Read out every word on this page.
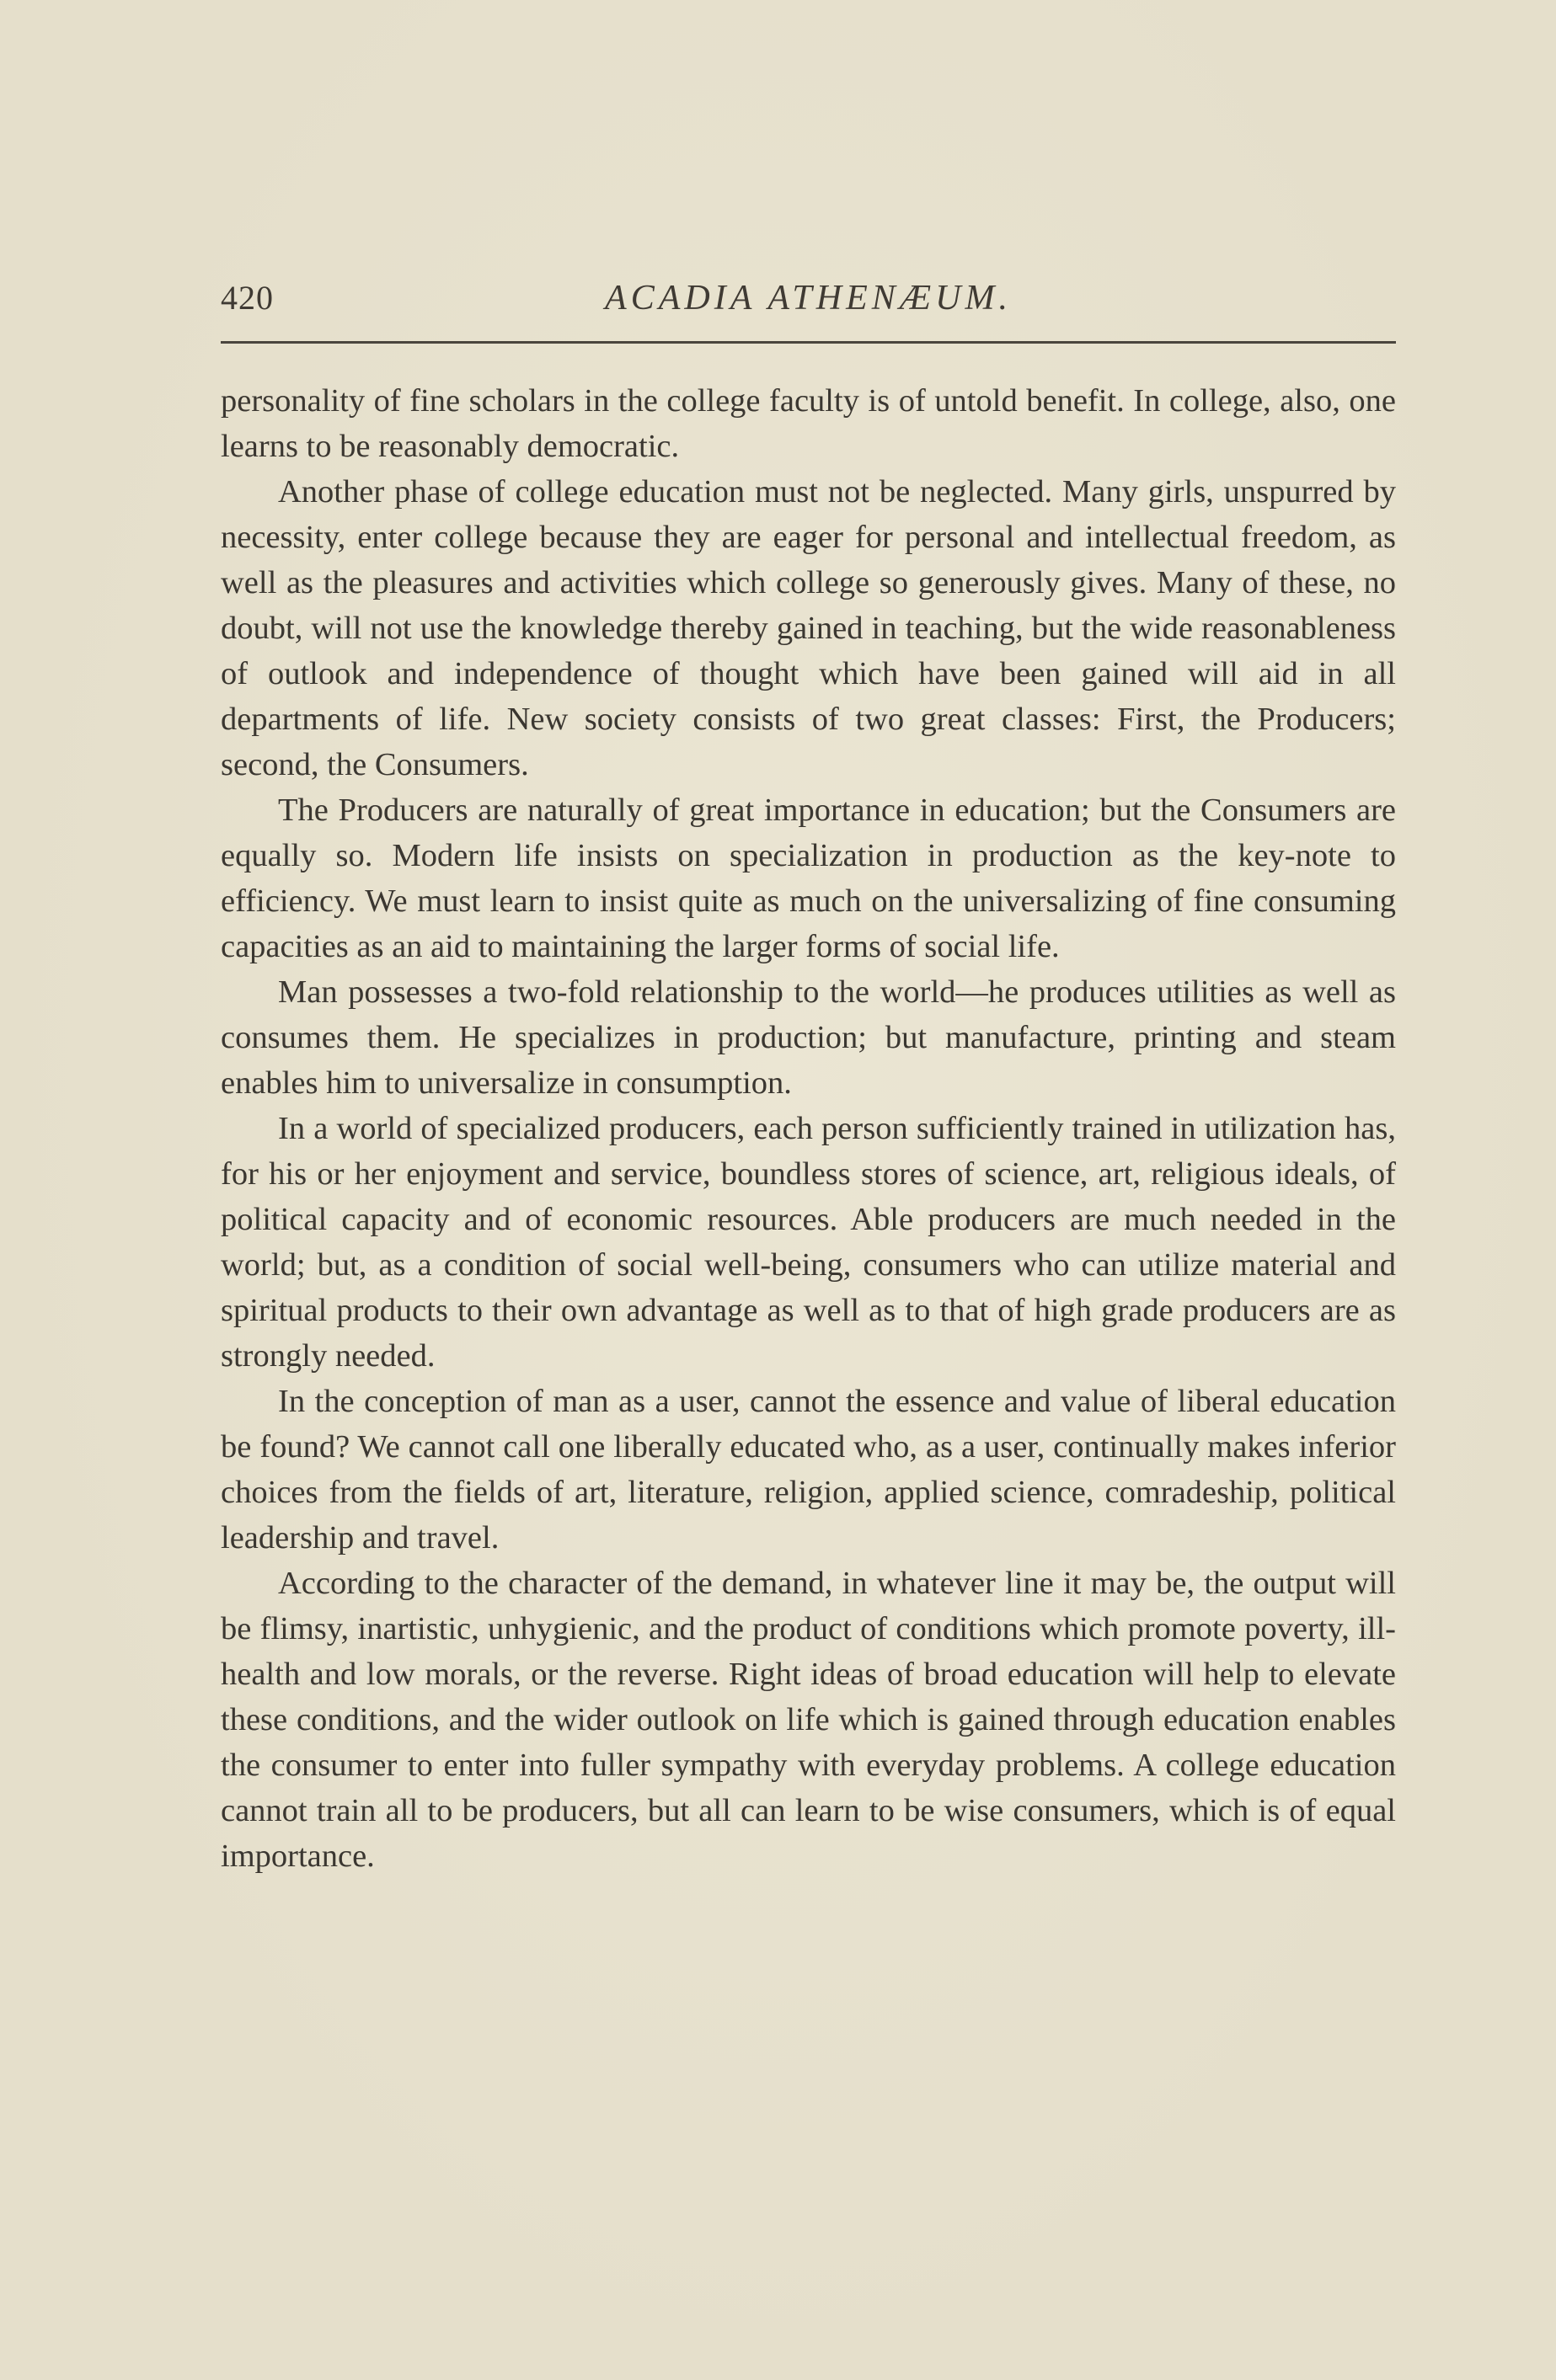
420	ACADIA ATHENÆUM.

personality of fine scholars in the college faculty is of untold benefit. In college, also, one learns to be reasonably democratic.

Another phase of college education must not be neglected. Many girls, unspurred by necessity, enter college because they are eager for personal and intellectual freedom, as well as the pleasures and activities which college so generously gives. Many of these, no doubt, will not use the knowledge thereby gained in teaching, but the wide reasonableness of outlook and independence of thought which have been gained will aid in all departments of life. New society consists of two great classes: First, the Producers; second, the Consumers.

The Producers are naturally of great importance in education; but the Consumers are equally so. Modern life insists on specialization in production as the key-note to efficiency. We must learn to insist quite as much on the universalizing of fine consuming capacities as an aid to maintaining the larger forms of social life.

Man possesses a two-fold relationship to the world—he produces utilities as well as consumes them. He specializes in production; but manufacture, printing and steam enables him to universalize in consumption.

In a world of specialized producers, each person sufficiently trained in utilization has, for his or her enjoyment and service, boundless stores of science, art, religious ideals, of political capacity and of economic resources. Able producers are much needed in the world; but, as a condition of social well-being, consumers who can utilize material and spiritual products to their own advantage as well as to that of high grade producers are as strongly needed.

In the conception of man as a user, cannot the essence and value of liberal education be found? We cannot call one liberally educated who, as a user, continually makes inferior choices from the fields of art, literature, religion, applied science, comradeship, political leadership and travel.

According to the character of the demand, in whatever line it may be, the output will be flimsy, inartistic, unhygienic, and the product of conditions which promote poverty, ill-health and low morals, or the reverse. Right ideas of broad education will help to elevate these conditions, and the wider outlook on life which is gained through education enables the consumer to enter into fuller sympathy with everyday problems. A college education cannot train all to be producers, but all can learn to be wise consumers, which is of equal importance.
